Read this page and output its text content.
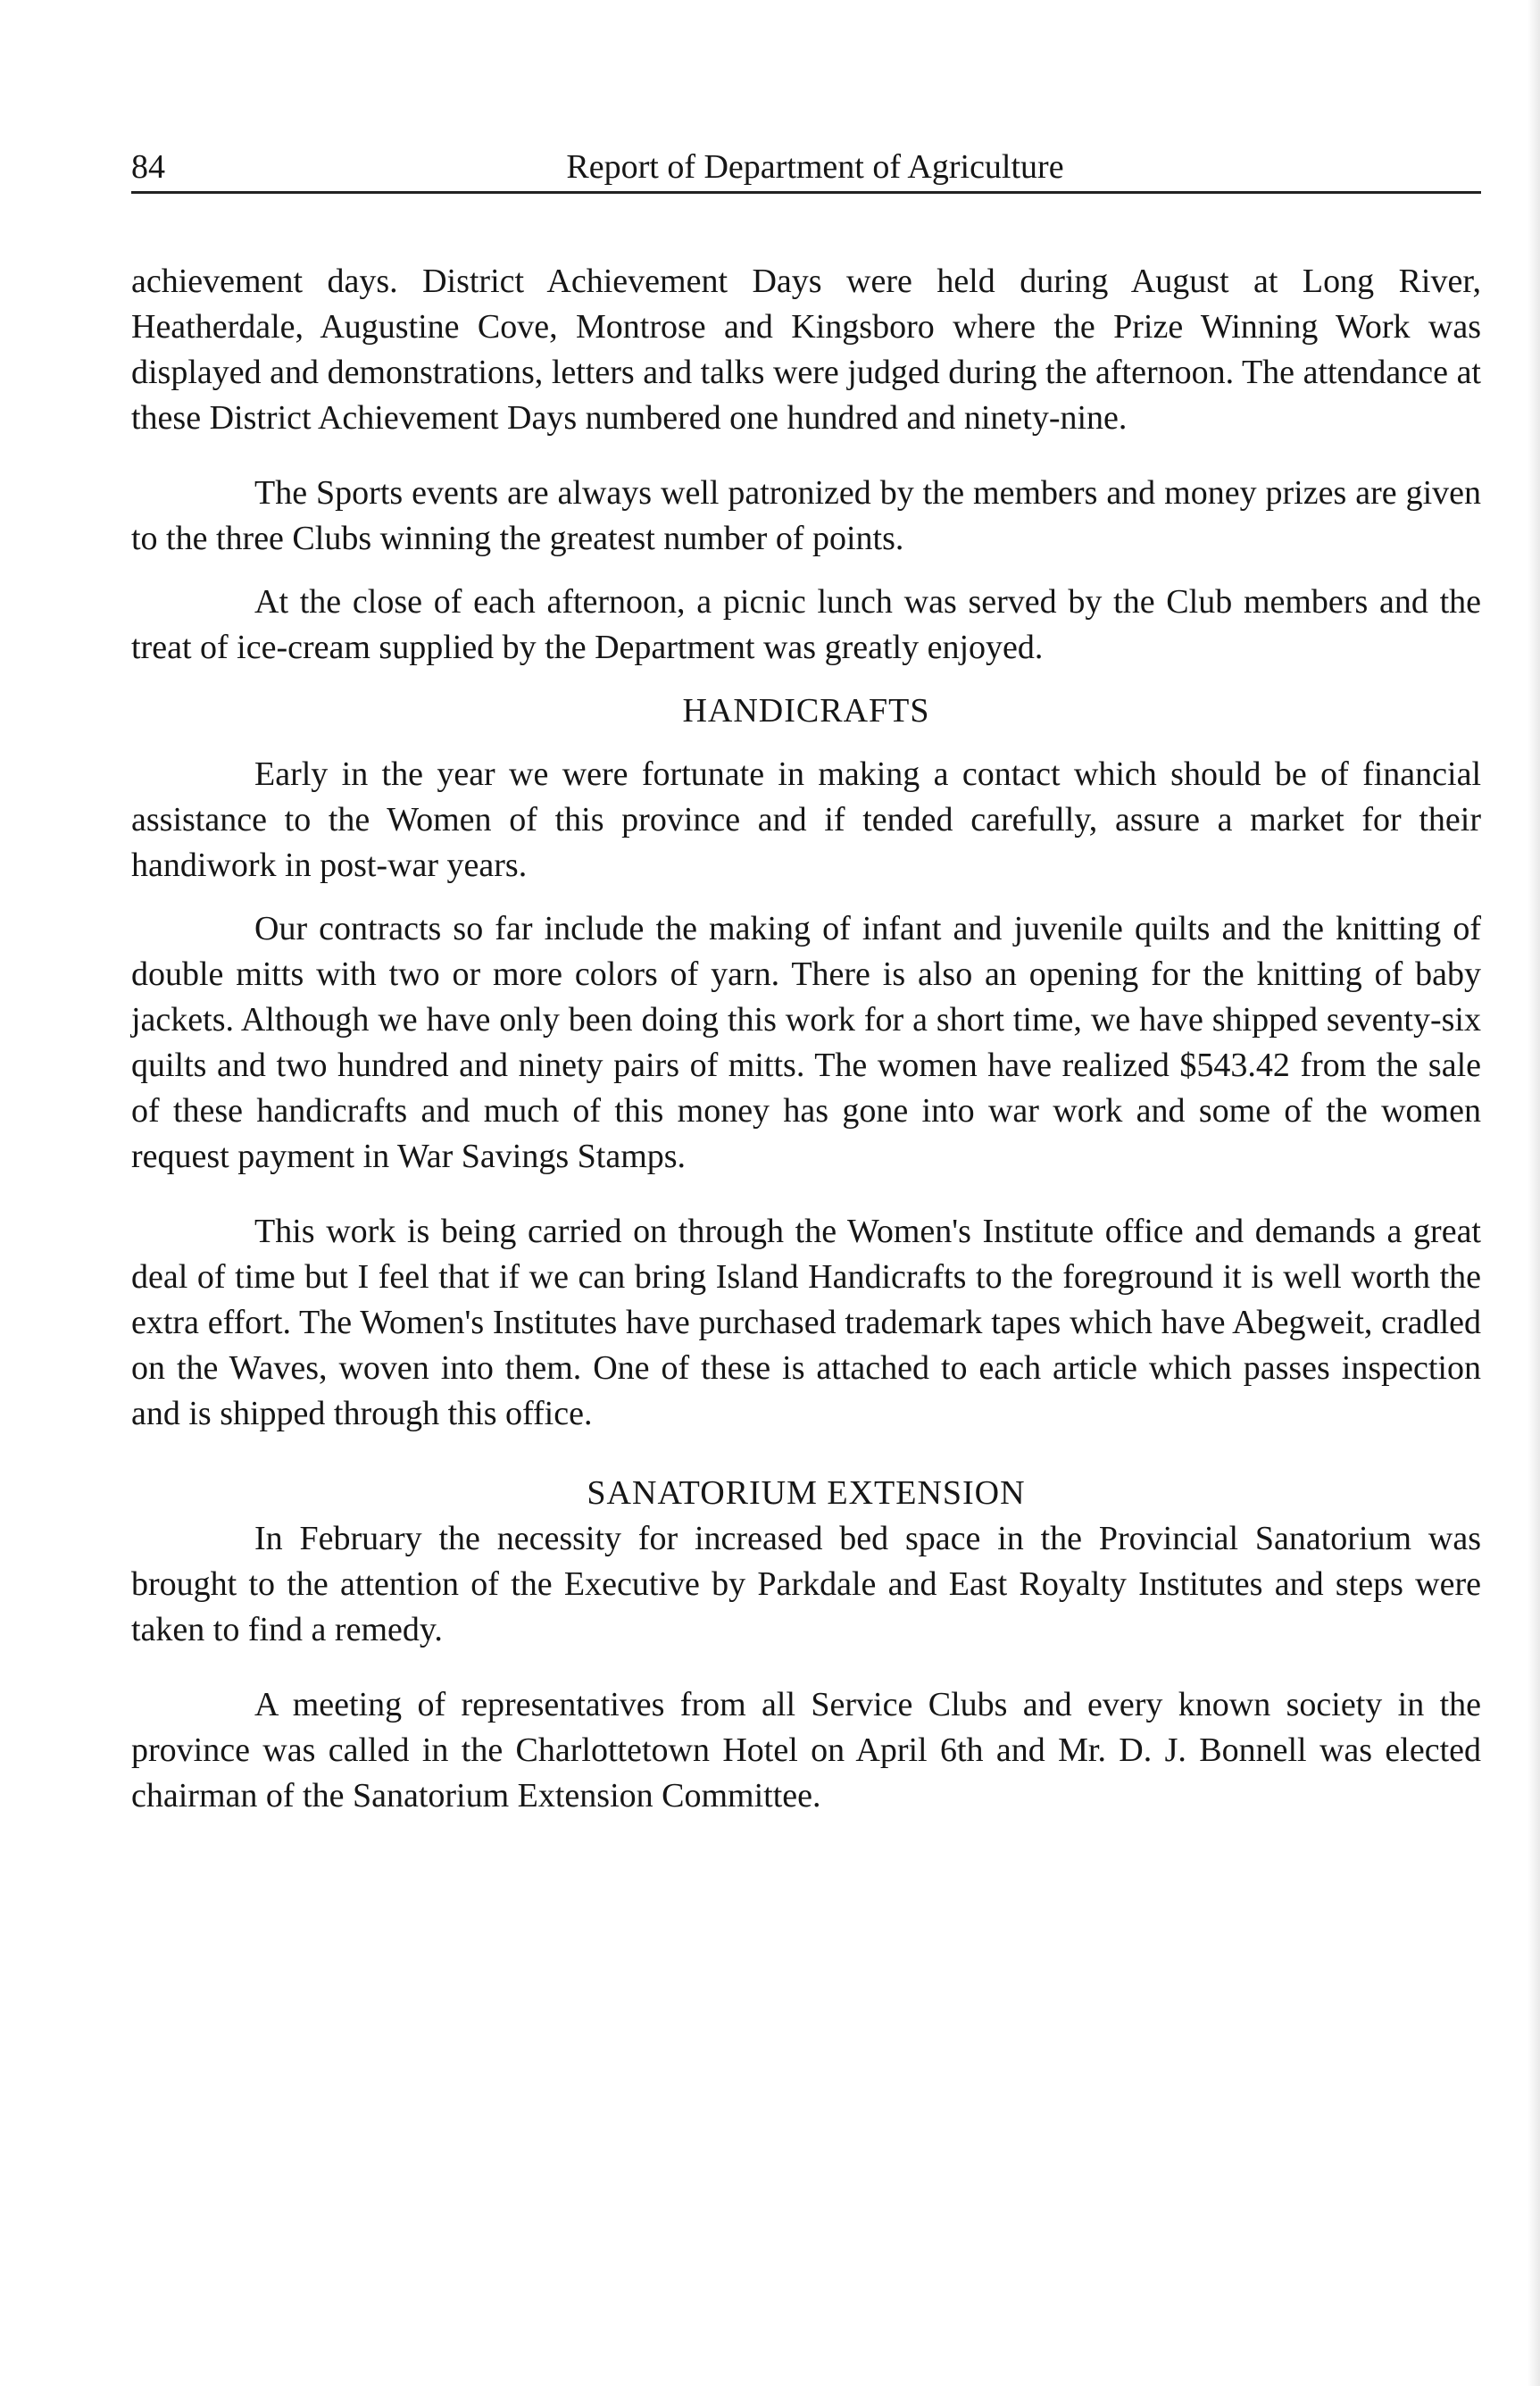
84	Report of Department of Agriculture

achievement days. District Achievement Days were held during August at Long River, Heatherdale, Augustine Cove, Montrose and Kingsboro where the Prize Winning Work was displayed and demonstrations, letters and talks were judged during the afternoon. The attendance at these District Achievement Days numbered one hundred and ninety-nine.

The Sports events are always well patronized by the members and money prizes are given to the three Clubs winning the greatest number of points.

At the close of each afternoon, a picnic lunch was served by the Club members and the treat of ice-cream supplied by the Department was greatly enjoyed.

HANDICRAFTS

Early in the year we were fortunate in making a contact which should be of financial assistance to the Women of this province and if tended carefully, assure a market for their handiwork in post-war years.

Our contracts so far include the making of infant and juvenile quilts and the knitting of double mitts with two or more colors of yarn. There is also an opening for the knitting of baby jackets. Although we have only been doing this work for a short time, we have shipped seventy-six quilts and two hundred and ninety pairs of mitts. The women have realized $543.42 from the sale of these handicrafts and much of this money has gone into war work and some of the women request payment in War Savings Stamps.

This work is being carried on through the Women's Institute office and demands a great deal of time but I feel that if we can bring Island Handicrafts to the foreground it is well worth the extra effort. The Women's Institutes have purchased trademark tapes which have Abegweit, cradled on the Waves, woven into them. One of these is attached to each article which passes inspection and is shipped through this office.

SANATORIUM EXTENSION

In February the necessity for increased bed space in the Provincial Sanatorium was brought to the attention of the Executive by Parkdale and East Royalty Institutes and steps were taken to find a remedy.

A meeting of representatives from all Service Clubs and every known society in the province was called in the Charlottetown Hotel on April 6th and Mr. D. J. Bonnell was elected chairman of the Sanatorium Extension Committee.
